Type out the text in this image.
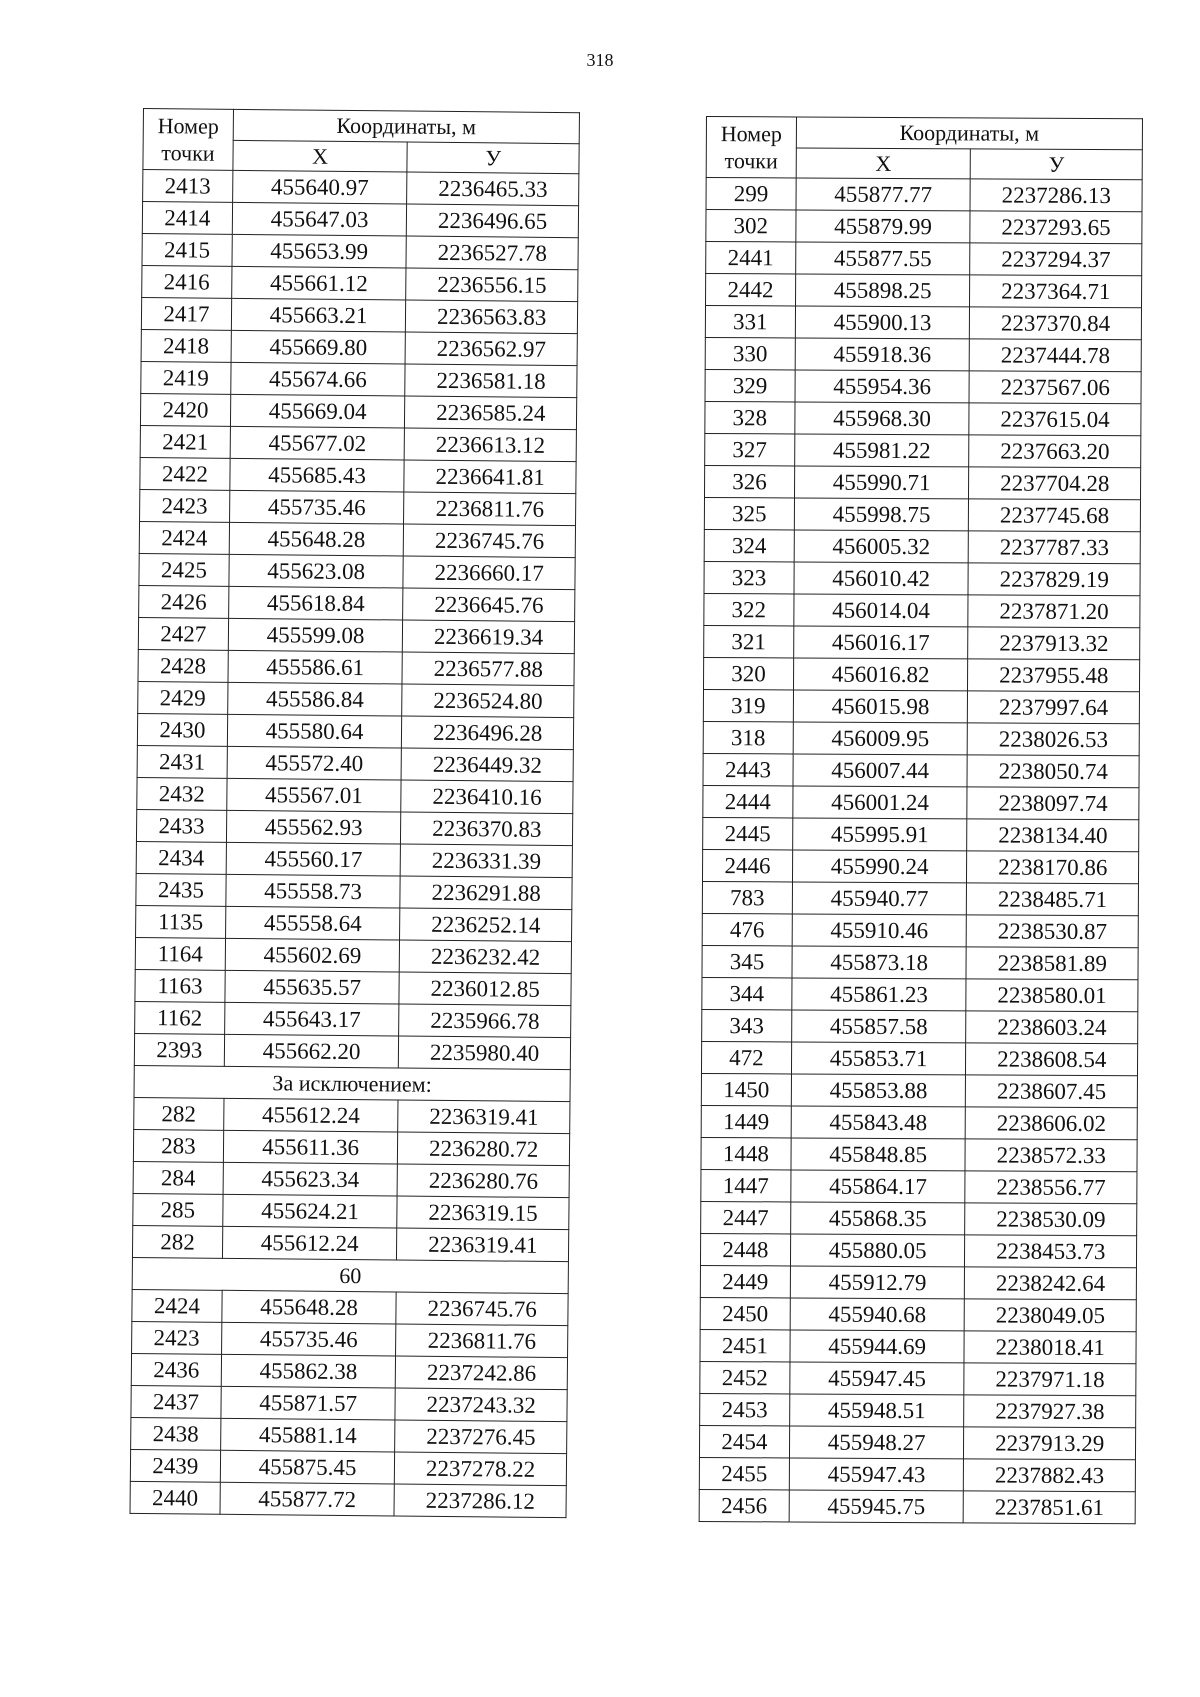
318
Номер
точки	Координаты, м	
	X	У
2413	455640.97	2236465.33
2414	455647.03	2236496.65
2415	455653.99	2236527.78
2416	455661.12	2236556.15
2417	455663.21	2236563.83
2418	455669.80	2236562.97
2419	455674.66	2236581.18
2420	455669.04	2236585.24
2421	455677.02	2236613.12
2422	455685.43	2236641.81
2423	455735.46	2236811.76
2424	455648.28	2236745.76
2425	455623.08	2236660.17
2426	455618.84	2236645.76
2427	455599.08	2236619.34
2428	455586.61	2236577.88
2429	455586.84	2236524.80
2430	455580.64	2236496.28
2431	455572.40	2236449.32
2432	455567.01	2236410.16
2433	455562.93	2236370.83
2434	455560.17	2236331.39
2435	455558.73	2236291.88
1135	455558.64	2236252.14
1164	455602.69	2236232.42
1163	455635.57	2236012.85
1162	455643.17	2235966.78
2393	455662.20	2235980.40
За исключением:		
282	455612.24	2236319.41
283	455611.36	2236280.72
284	455623.34	2236280.76
285	455624.21	2236319.15
282	455612.24	2236319.41
60		
2424	455648.28	2236745.76
2423	455735.46	2236811.76
2436	455862.38	2237242.86
2437	455871.57	2237243.32
2438	455881.14	2237276.45
2439	455875.45	2237278.22
2440	455877.72	2237286.12
Номер
точки	Координаты, м	
	X	У
299	455877.77	2237286.13
302	455879.99	2237293.65
2441	455877.55	2237294.37
2442	455898.25	2237364.71
331	455900.13	2237370.84
330	455918.36	2237444.78
329	455954.36	2237567.06
328	455968.30	2237615.04
327	455981.22	2237663.20
326	455990.71	2237704.28
325	455998.75	2237745.68
324	456005.32	2237787.33
323	456010.42	2237829.19
322	456014.04	2237871.20
321	456016.17	2237913.32
320	456016.82	2237955.48
319	456015.98	2237997.64
318	456009.95	2238026.53
2443	456007.44	2238050.74
2444	456001.24	2238097.74
2445	455995.91	2238134.40
2446	455990.24	2238170.86
783	455940.77	2238485.71
476	455910.46	2238530.87
345	455873.18	2238581.89
344	455861.23	2238580.01
343	455857.58	2238603.24
472	455853.71	2238608.54
1450	455853.88	2238607.45
1449	455843.48	2238606.02
1448	455848.85	2238572.33
1447	455864.17	2238556.77
2447	455868.35	2238530.09
2448	455880.05	2238453.73
2449	455912.79	2238242.64
2450	455940.68	2238049.05
2451	455944.69	2238018.41
2452	455947.45	2237971.18
2453	455948.51	2237927.38
2454	455948.27	2237913.29
2455	455947.43	2237882.43
2456	455945.75	2237851.61
